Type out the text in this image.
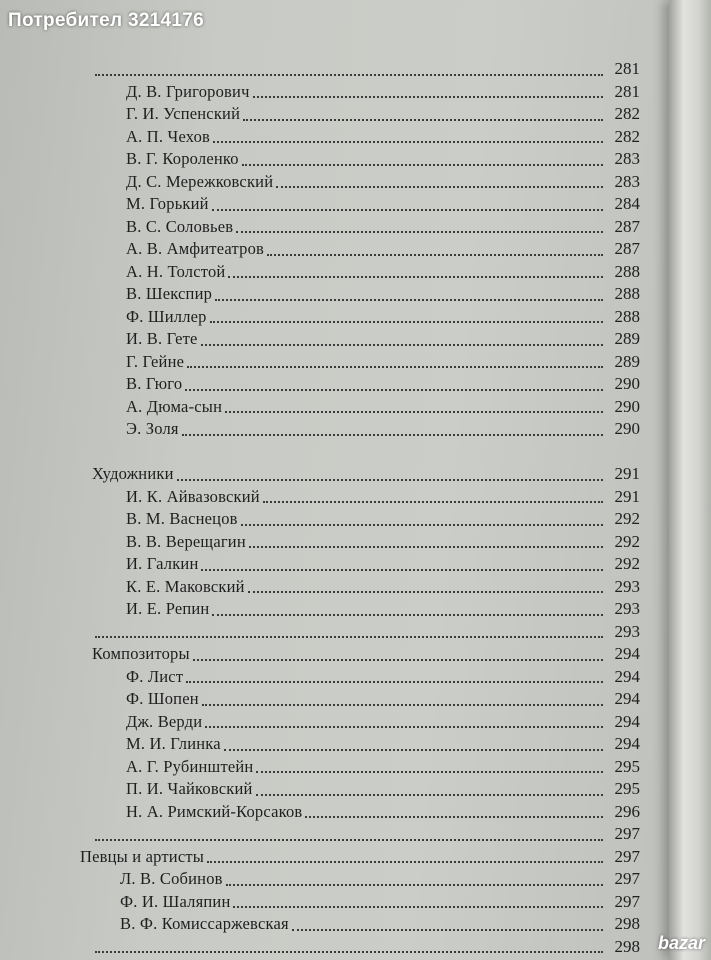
Потребител 3214176
281
Д. В. Григорович	281
Г. И. Успенский	282
А. П. Чехов	282
В. Г. Короленко	283
Д. С. Мережковский	283
М. Горький	284
В. С. Соловьев	287
А. В. Амфитеатров	287
А. Н. Толстой	288
В. Шекспир	288
Ф. Шиллер	288
И. В. Гете	289
Г. Гейне	289
В. Гюго	290
А. Дюма-сын	290
Э. Золя	290
Художники	291
И. К. Айвазовский	291
В. М. Васнецов	292
В. В. Верещагин	292
И. Галкин	292
К. Е. Маковский	293
И. Е. Репин	293
293
Композиторы	294
Ф. Лист	294
Ф. Шопен	294
Дж. Верди	294
М. И. Глинка	294
А. Г. Рубинштейн	295
П. И. Чайковский	295
Н. А. Римский-Корсаков	296
297
Певцы и артисты	297
Л. В. Собинов	297
Ф. И. Шаляпин	297
В. Ф. Комиссаржевская	298
298 bazar
